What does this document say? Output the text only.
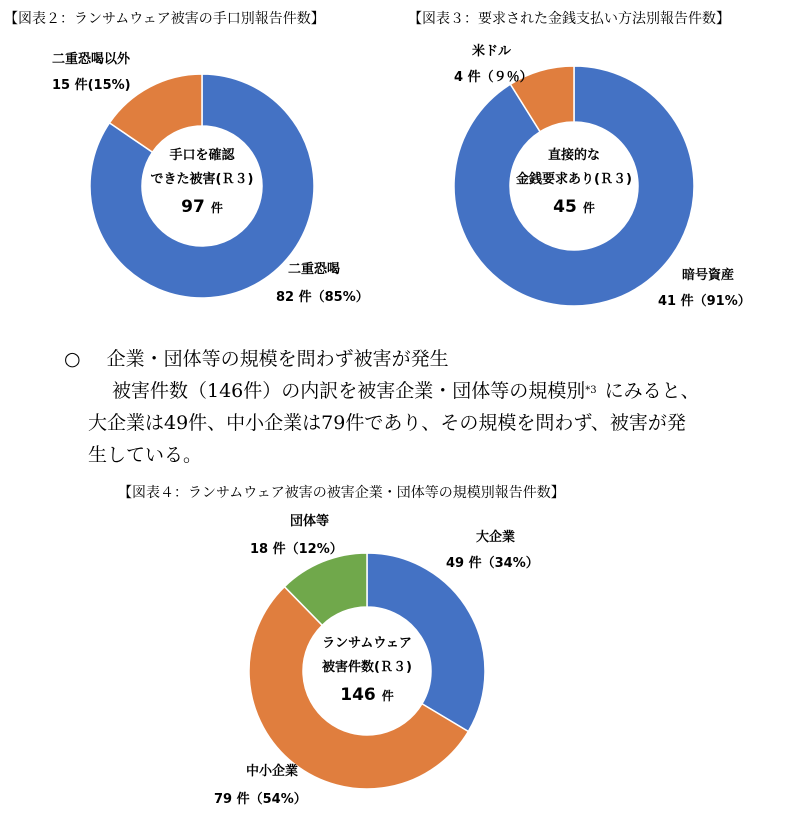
【図表２：ランサムウェア被害の手口別報告件数】	【図表３：要求された金銭支払い方法別報告件数】
【図表４：ランサムウェア被害の被害企業・団体等の規模別報告件数】
二重恐喝以外
15 件(15%)
二重恐喝
82 件（85%）
手口を確認
できた被害(Ｒ３)
97 件
米ドル
4 件（９％）
暗号資産
41 件（91%）
直接的な
金銭要求あり(Ｒ３)
45 件
○ 企業・団体等の規模を問わず被害が発生
被害件数（146件）の内訳を被害企業・団体等の規模別$^{*3}$ にみると、
大企業は49件、中小企業は79件であり、その規模を問わず、被害が発
生している。
団体等
18 件（12%）
大企業
49 件（34%）
中小企業
79 件（54%）
ランサムウェア
被害件数(Ｒ３)
146 件
